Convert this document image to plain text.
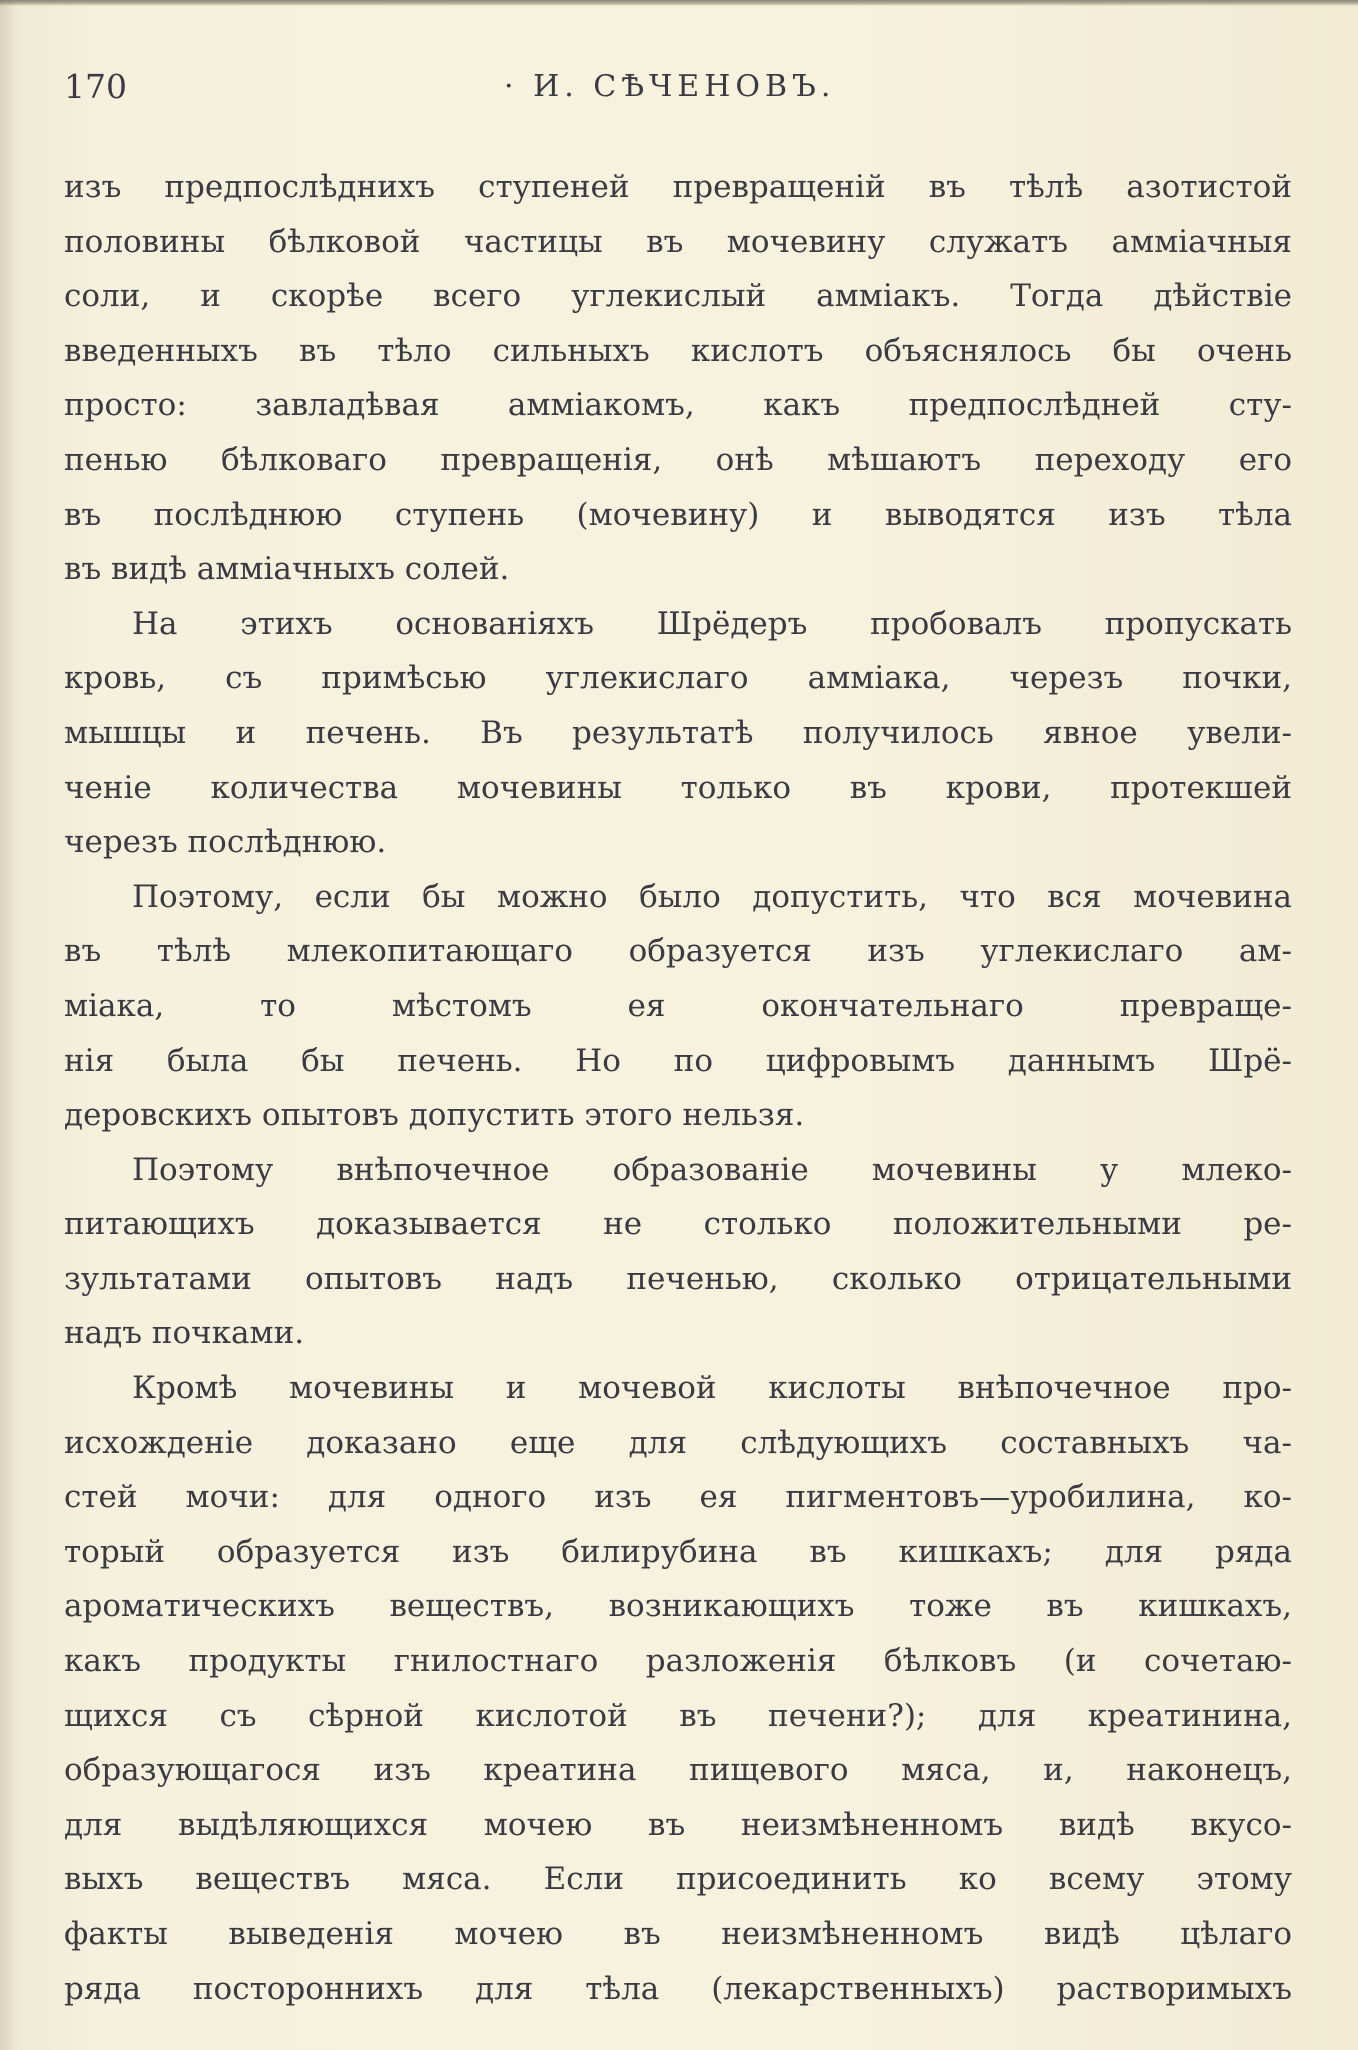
170	· И. СѢЧЕНОВЪ.
изъ предпослѣднихъ ступеней превращеній въ тѣлѣ азотистой
половины бѣлковой частицы въ мочевину служатъ амміачныя
соли, и скорѣе всего углекислый амміакъ. Тогда дѣйствіе
введенныхъ въ тѣло сильныхъ кислотъ объяснялось бы очень
просто: завладѣвая амміакомъ, какъ предпослѣдней сту-
пенью бѣлковаго превращенія, онѣ мѣшаютъ переходу его
въ послѣднюю ступень (мочевину) и выводятся изъ тѣла
въ видѣ амміачныхъ солей.
На этихъ основаніяхъ Шрёдеръ пробовалъ пропускать
кровь, съ примѣсью углекислаго амміака, черезъ почки,
мышцы и печень. Въ результатѣ получилось явное увели-
ченіе количества мочевины только въ крови, протекшей
черезъ послѣднюю.
Поэтому, если бы можно было допустить, что вся мочевина
въ тѣлѣ млекопитающаго образуется изъ углекислаго ам-
міака, то мѣстомъ ея окончательнаго превраще-
нія была бы печень. Но по цифровымъ даннымъ Шрё-
деровскихъ опытовъ допустить этого нельзя.
Поэтому внѣпочечное образованіе мочевины у млеко-
питающихъ доказывается не столько положительными ре-
зультатами опытовъ надъ печенью, сколько отрицательными
надъ почками.
Кромѣ мочевины и мочевой кислоты внѣпочечное про-
исхожденіе доказано еще для слѣдующихъ составныхъ ча-
стей мочи: для одного изъ ея пигментовъ—уробилина, ко-
торый образуется изъ билирубина въ кишкахъ; для ряда
ароматическихъ веществъ, возникающихъ тоже въ кишкахъ,
какъ продукты гнилостнаго разложенія бѣлковъ (и сочетаю-
щихся съ сѣрной кислотой въ печени?); для креатинина,
образующагося изъ креатина пищевого мяса, и, наконецъ,
для выдѣляющихся мочею въ неизмѣненномъ видѣ вкусо-
выхъ веществъ мяса. Если присоединить ко всему этому
факты выведенія мочею въ неизмѣненномъ видѣ цѣлаго
ряда постороннихъ для тѣла (лекарственныхъ) растворимыхъ
